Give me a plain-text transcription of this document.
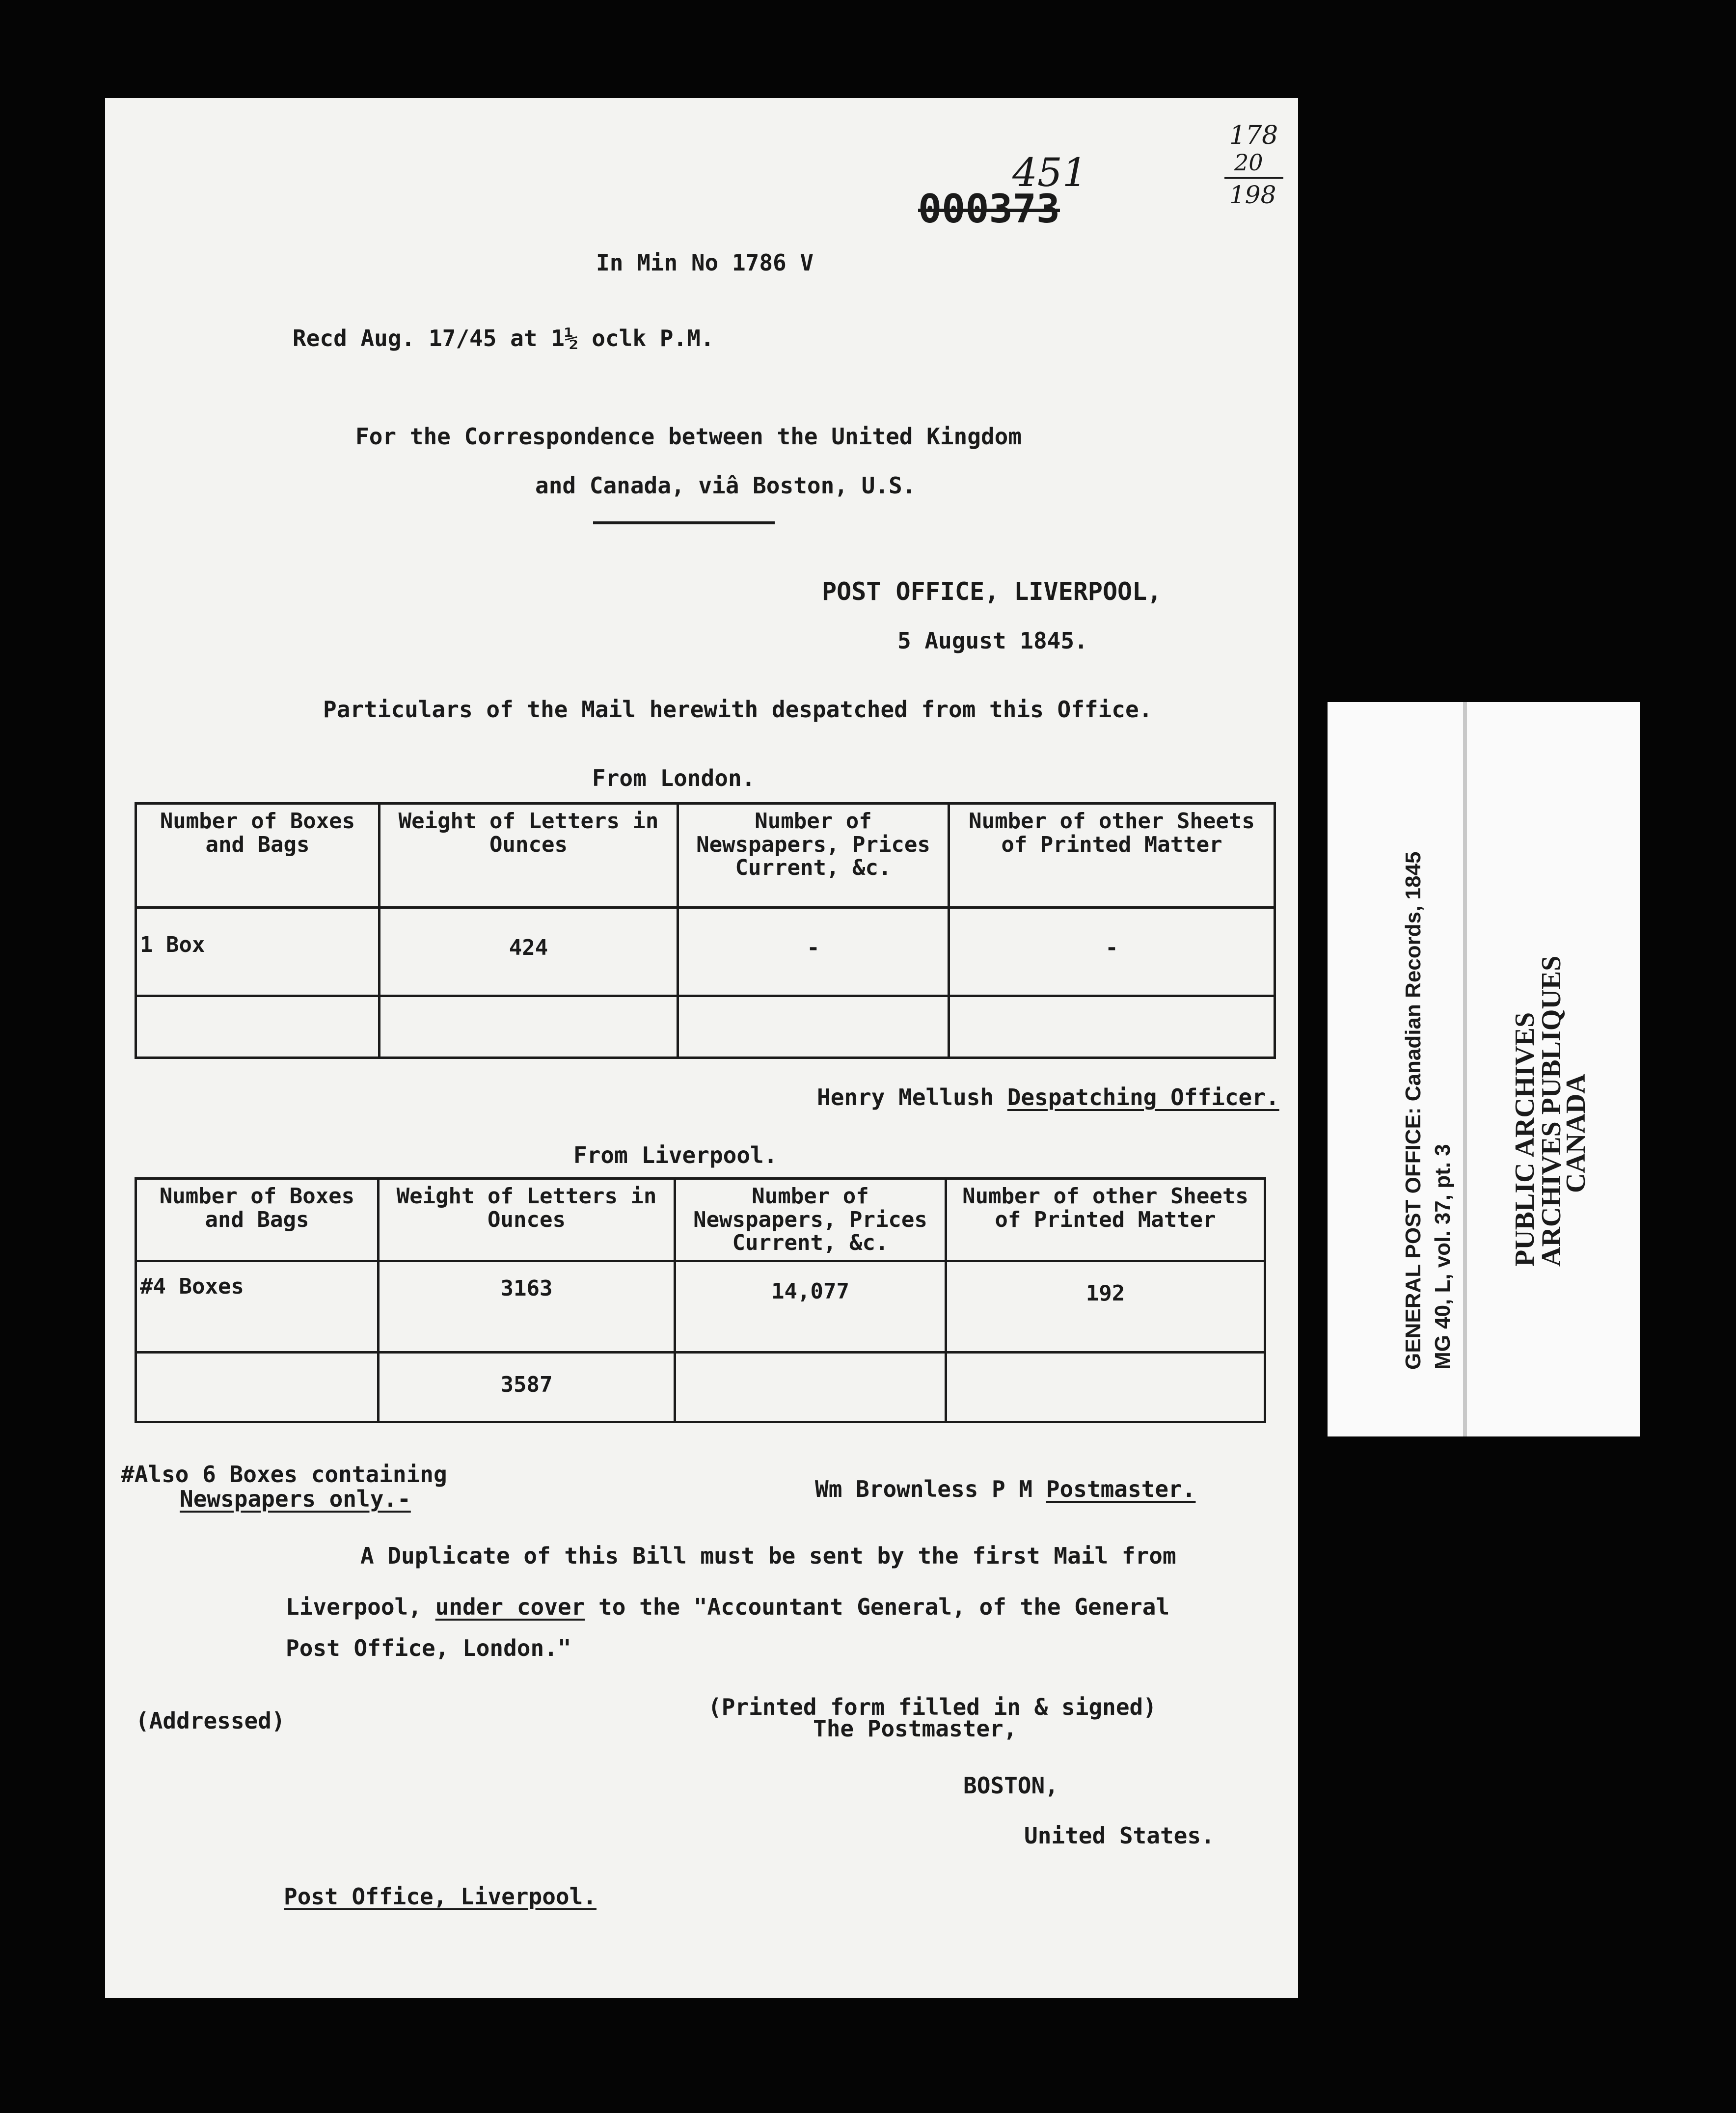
178
20
198
451
000373
In Min No 1786 V
Recd Aug. 17/45 at 1½ oclk P.M.
For the Correspondence between the United Kingdom
and Canada, viâ Boston, U.S.
POST OFFICE, LIVERPOOL,
5 August 1845.
Particulars of the Mail herewith despatched from this Office.
From London.
Number of Boxes and Bags	Weight of Letters in Ounces	Number of Newspapers, Prices Current, &c.	Number of other Sheets of Printed Matter
1 Box	424	-	-

Henry Mellush Despatching Officer.
From Liverpool.
Number of Boxes and Bags	Weight of Letters in Ounces	Number of Newspapers, Prices Current, &c.	Number of other Sheets of Printed Matter
#4 Boxes	3163	14,077	192
	3587		
#Also 6 Boxes containing
Newspapers only.-	Wm Brownless P M Postmaster.
A Duplicate of this Bill must be sent by the first Mail from
Liverpool, under cover to the "Accountant General, of the General
Post Office, London."
(Addressed)
(Printed form filled in & signed)
The Postmaster,
BOSTON,
United States.
Post Office, Liverpool.
GENERAL POST OFFICE: Canadian Records, 1845 MG 40, L, vol. 37, pt. 3 PUBLIC ARCHIVES
ARCHIVES PUBLIQUES
CANADA
